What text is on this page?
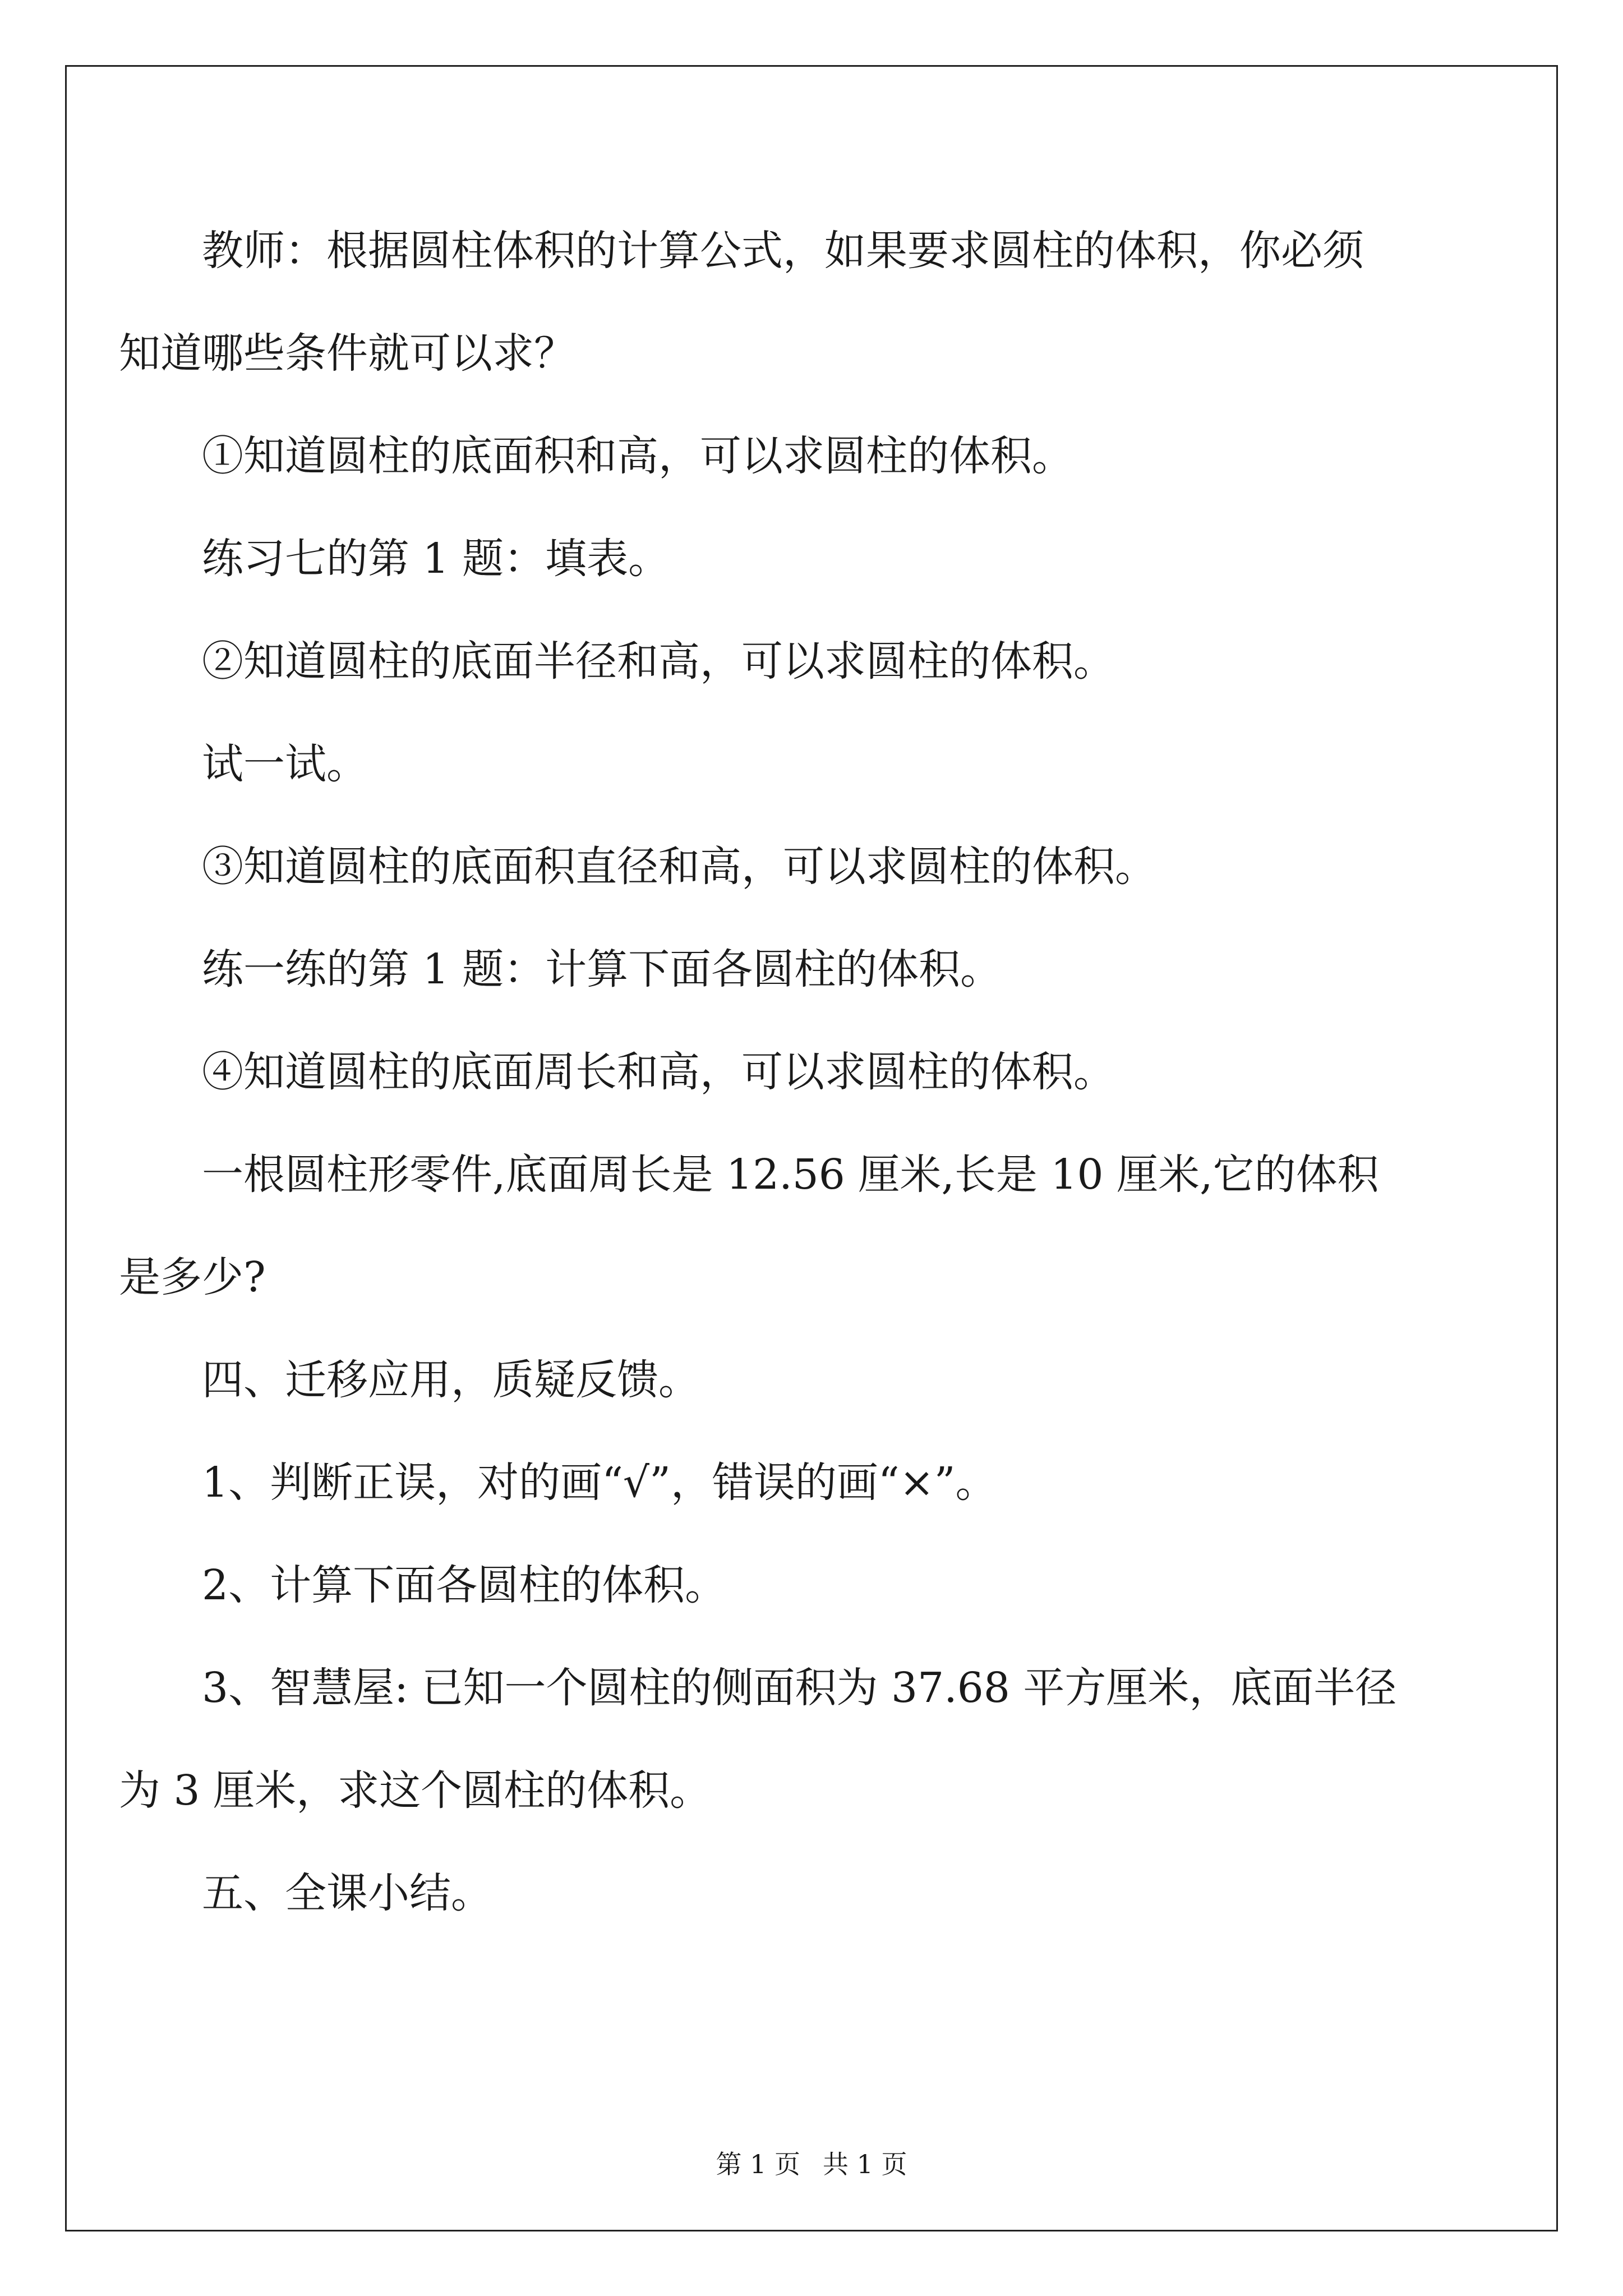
教师：根据圆柱体积的计算公式，如果要求圆柱的体积，你必须

知道哪些条件就可以求？

①知道圆柱的底面积和高，可以求圆柱的体积。

练习七的第 1 题：填表。

②知道圆柱的底面半径和高，可以求圆柱的体积。

试一试。

③知道圆柱的底面积直径和高，可以求圆柱的体积。

练一练的第 1 题：计算下面各圆柱的体积。

④知道圆柱的底面周长和高，可以求圆柱的体积。

一根圆柱形零件,底面周长是 12.56 厘米,长是 10 厘米,它的体积

是多少?

四、迁移应用，质疑反馈。

1、判断正误，对的画“√”，错误的画“×”。

2、计算下面各圆柱的体积。

3、智慧屋: 已知一个圆柱的侧面积为 37.68 平方厘米，底面半径

为 3 厘米，求这个圆柱的体积。

五、全课小结。

第 1 页 共 1 页
